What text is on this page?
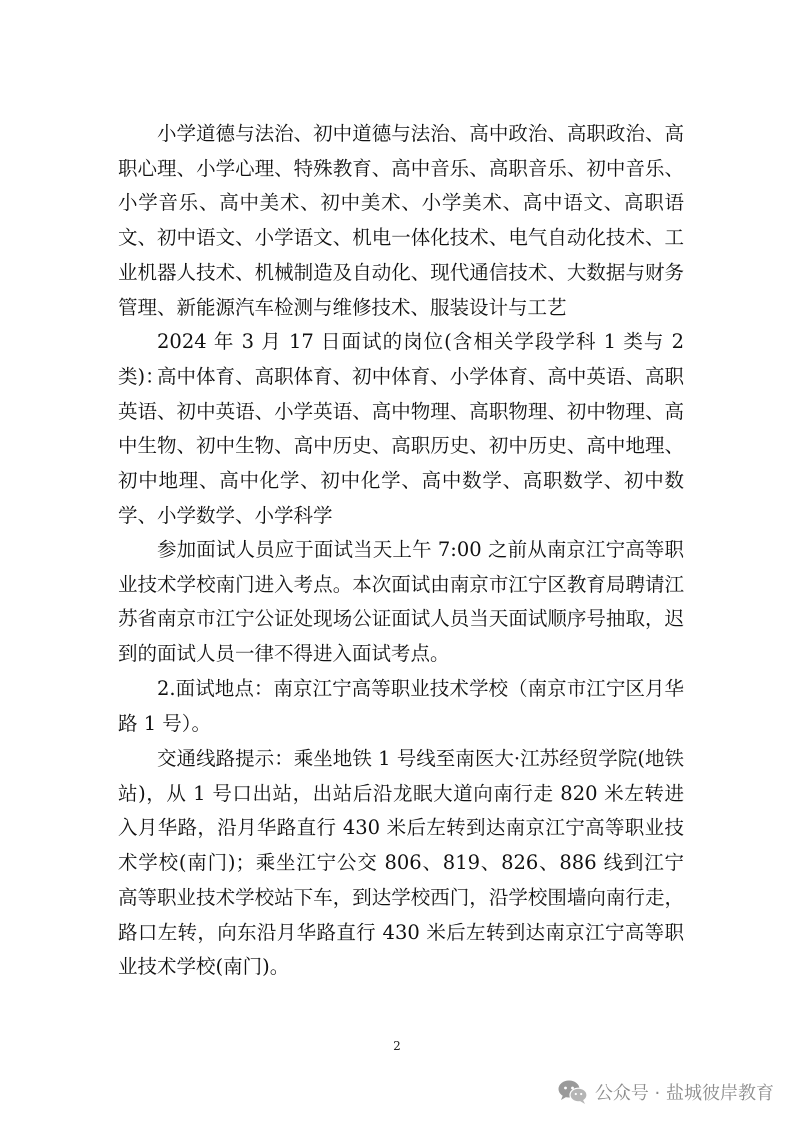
小学道德与法治、初中道德与法治、高中政治、高职政治、高职心理、小学心理、特殊教育、高中音乐、高职音乐、初中音乐、小学音乐、高中美术、初中美术、小学美术、高中语文、高职语文、初中语文、小学语文、机电一体化技术、电气自动化技术、工业机器人技术、机械制造及自动化、现代通信技术、大数据与财务管理、新能源汽车检测与维修技术、服装设计与工艺

2024 年 3 月 17 日面试的岗位(含相关学段学科 1 类与 2 类)：

高中体育、高职体育、初中体育、小学体育、高中英语、高职英语、初中英语、小学英语、高中物理、高职物理、初中物理、高中生物、初中生物、高中历史、高职历史、初中历史、高中地理、初中地理、高中化学、初中化学、高中数学、高职数学、初中数学、小学数学、小学科学

参加面试人员应于面试当天上午 7:00 之前从南京江宁高等职业技术学校南门进入考点。本次面试由南京市江宁区教育局聘请江苏省南京市江宁公证处现场公证面试人员当天面试顺序号抽取，迟到的面试人员一律不得进入面试考点。

2.面试地点：南京江宁高等职业技术学校（南京市江宁区月华路 1 号）。

交通线路提示：乘坐地铁 1 号线至南医大·江苏经贸学院(地铁站)，从 1 号口出站，出站后沿龙眠大道向南行走 820 米左转进入月华路，沿月华路直行 430 米后左转到达南京江宁高等职业技术学校(南门)；乘坐江宁公交 806、819、826、886 线到江宁高等职业技术学校站下车，到达学校西门，沿学校围墙向南行走，路口左转，向东沿月华路直行 430 米后左转到达南京江宁高等职业技术学校(南门)。

2
公众号 · 盐城彼岸教育
